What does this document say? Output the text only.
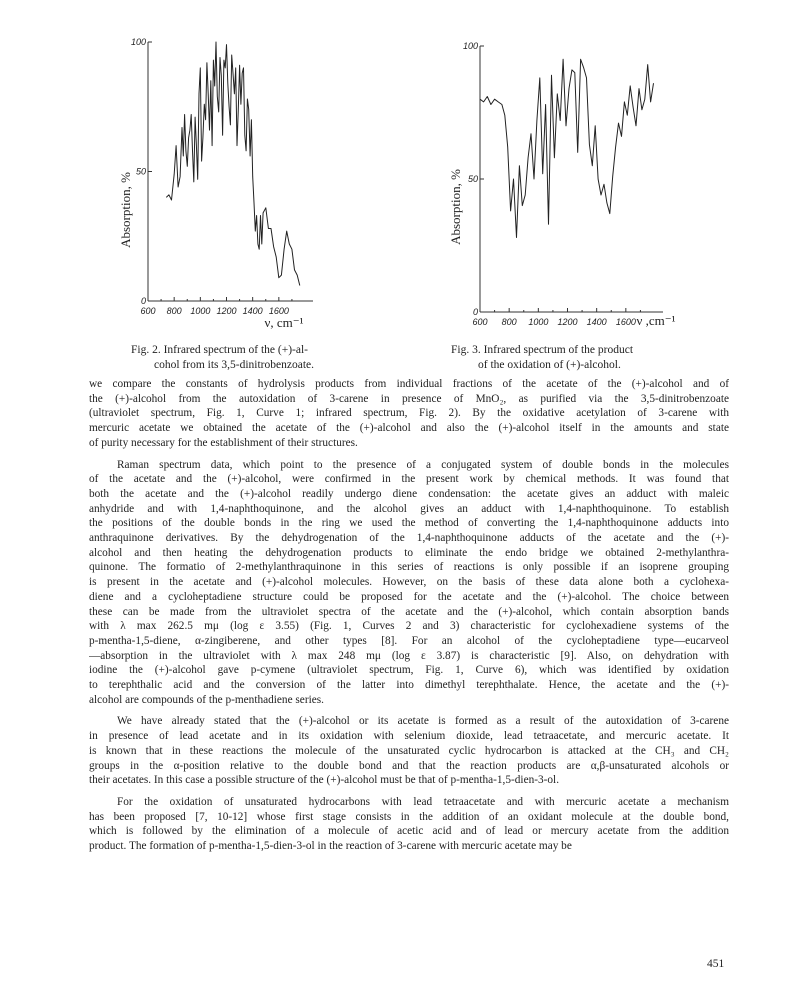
0
50
100
600 800 1000 1200 1400 1600
Absorption, %
ν, cm⁻¹
0
50
100
600 800 1000 1200 1400 1600
Absorption, %
ν ,cm⁻¹
Fig. 2. Infrared spectrum of the (+)-al-
cohol from its 3,5-dinitrobenzoate.
Fig. 3. Infrared spectrum of the product
of the oxidation of (+)-alcohol.
we compare the constants of hydrolysis products from individual fractions of the acetate of the (+)-alcohol and of
the (+)-alcohol from the autoxidation of 3-carene in presence of MnO₂, as purified via the 3,5-dinitrobenzoate
(ultraviolet spectrum, Fig. 1, Curve 1; infrared spectrum, Fig. 2). By the oxidative acetylation of 3-carene with
mercuric acetate we obtained the acetate of the (+)-alcohol and also the (+)-alcohol itself in the amounts and state
of purity necessary for the establishment of their structures.
Raman spectrum data, which point to the presence of a conjugated system of double bonds in the molecules
of the acetate and the (+)-alcohol, were confirmed in the present work by chemical methods. It was found that
both the acetate and the (+)-alcohol readily undergo diene condensation: the acetate gives an adduct with maleic
anhydride and with 1,4-naphthoquinone, and the alcohol gives an adduct with 1,4-naphthoquinone. To establish
the positions of the double bonds in the ring we used the method of converting the 1,4-naphthoquinone adducts into
anthraquinone derivatives. By the dehydrogenation of the 1,4-naphthoquinone adducts of the acetate and the (+)-
alcohol and then heating the dehydrogenation products to eliminate the endo bridge we obtained 2-methylanthra-
quinone. The formatio of 2-methylanthraquinone in this series of reactions is only possible if an isoprene grouping
is present in the acetate and (+)-alcohol molecules. However, on the basis of these data alone both a cyclohexa-
diene and a cycloheptadiene structure could be proposed for the acetate and the (+)-alcohol. The choice between
these can be made from the ultraviolet spectra of the acetate and the (+)-alcohol, which contain absorption bands
with λ max 262.5 mμ (log ε 3.55) (Fig. 1, Curves 2 and 3) characteristic for cyclohexadiene systems of the
p-mentha-1,5-diene, α-zingiberene, and other types [8]. For an alcohol of the cycloheptadiene type—eucarveol
—absorption in the ultraviolet with λ max 248 mμ (log ε 3.87) is characteristic [9]. Also, on dehydration with
iodine the (+)-alcohol gave p-cymene (ultraviolet spectrum, Fig. 1, Curve 6), which was identified by oxidation
to terephthalic acid and the conversion of the latter into dimethyl terephthalate. Hence, the acetate and the (+)-
alcohol are compounds of the p-menthadiene series.
We have already stated that the (+)-alcohol or its acetate is formed as a result of the autoxidation of 3-carene
in presence of lead acetate and in its oxidation with selenium dioxide, lead tetraacetate, and mercuric acetate. It
is known that in these reactions the molecule of the unsaturated cyclic hydrocarbon is attacked at the CH₃ and CH₂
groups in the α-position relative to the double bond and that the reaction products are α,β-unsaturated alcohols or
their acetates. In this case a possible structure of the (+)-alcohol must be that of p-mentha-1,5-dien-3-ol.
For the oxidation of unsaturated hydrocarbons with lead tetraacetate and with mercuric acetate a mechanism
has been proposed [7, 10-12] whose first stage consists in the addition of an oxidant molecule at the double bond,
which is followed by the elimination of a molecule of acetic acid and of lead or mercury acetate from the addition
product. The formation of p-mentha-1,5-dien-3-ol in the reaction of 3-carene with mercuric acetate may be
451
